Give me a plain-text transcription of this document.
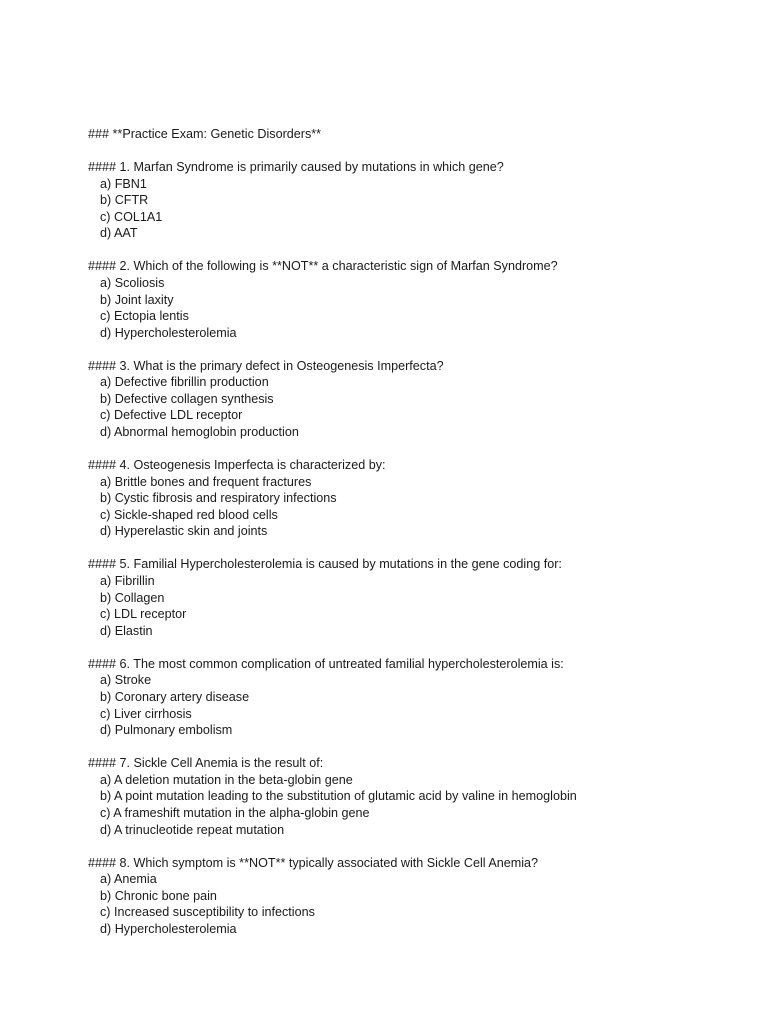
### **Practice Exam: Genetic Disorders**
#### 1. Marfan Syndrome is primarily caused by mutations in which gene?
a) FBN1
b) CFTR
c) COL1A1
d) AAT
#### 2. Which of the following is **NOT** a characteristic sign of Marfan Syndrome?
a) Scoliosis
b) Joint laxity
c) Ectopia lentis
d) Hypercholesterolemia
#### 3. What is the primary defect in Osteogenesis Imperfecta?
a) Defective fibrillin production
b) Defective collagen synthesis
c) Defective LDL receptor
d) Abnormal hemoglobin production
#### 4. Osteogenesis Imperfecta is characterized by:
a) Brittle bones and frequent fractures
b) Cystic fibrosis and respiratory infections
c) Sickle-shaped red blood cells
d) Hyperelastic skin and joints
#### 5. Familial Hypercholesterolemia is caused by mutations in the gene coding for:
a) Fibrillin
b) Collagen
c) LDL receptor
d) Elastin
#### 6. The most common complication of untreated familial hypercholesterolemia is:
a) Stroke
b) Coronary artery disease
c) Liver cirrhosis
d) Pulmonary embolism
#### 7. Sickle Cell Anemia is the result of:
a) A deletion mutation in the beta-globin gene
b) A point mutation leading to the substitution of glutamic acid by valine in hemoglobin
c) A frameshift mutation in the alpha-globin gene
d) A trinucleotide repeat mutation
#### 8. Which symptom is **NOT** typically associated with Sickle Cell Anemia?
a) Anemia
b) Chronic bone pain
c) Increased susceptibility to infections
d) Hypercholesterolemia
